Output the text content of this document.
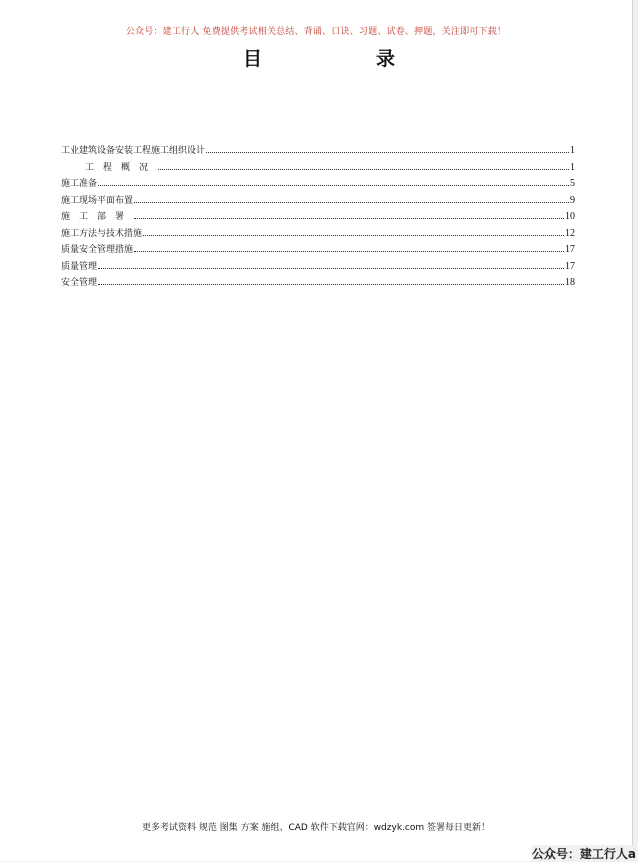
公众号：建工行人 免费提供考试相关总结、背诵、口诀、习题、试卷、押题，关注即可下载！
目	录
工业建筑设备安装工程施工组织设计	1
工程概况	1
施工准备	5
施工现场平面布置	9
施工部署	10
施工方法与技术措施	12
质量安全管理措施	17
质量管理	17
安全管理	18
更多考试资料 规范 图集 方案 施组、CAD 软件下载官网：wdzyk.com 签署每日更新！
公众号：建工行人a
